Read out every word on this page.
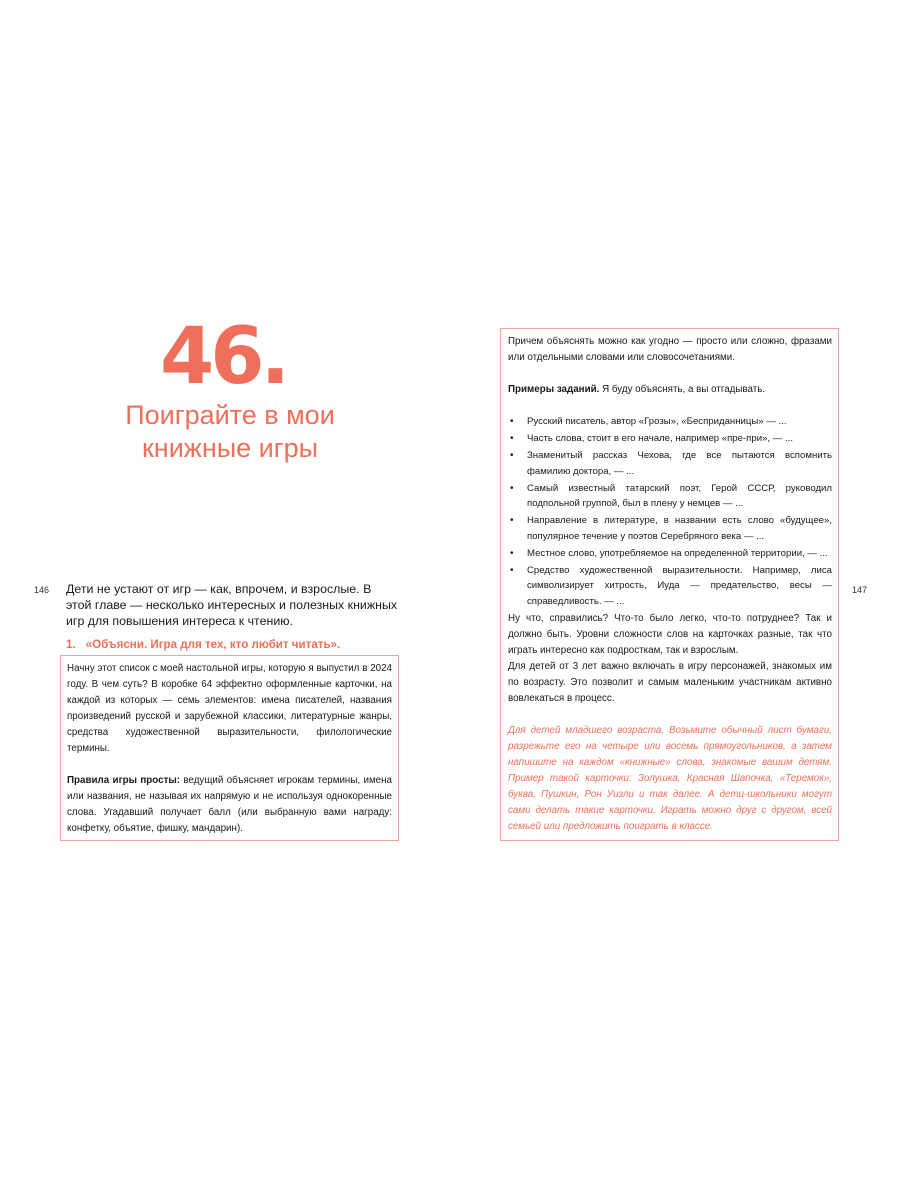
46.
Поиграйте в мои книжные игры
146	147
Дети не устают от игр — как, впрочем, и взрослые. В этой главе — несколько интересных и полезных книжных игр для повышения интереса к чтению.
1. «Объясни. Игра для тех, кто любит читать».

Начну этот список с моей настольной игры, которую я выпустил в 2024 году. В чем суть? В коробке 64 эффектно оформленные карточки, на каждой из которых — семь элементов: имена писателей, названия произведений русской и зарубежной классики, литературные жанры, средства художественной выразительности, филологические термины.

Правила игры просты: ведущий объясняет игрокам термины, имена или названия, не называя их напрямую и не используя однокоренные слова. Угадавший получает балл (или выбранную вами награду: конфетку, объятие, фишку, мандарин).

Причем объяснять можно как угодно — просто или сложно, фразами или отдельными словами или словосочетаниями.

Примеры заданий. Я буду объяснять, а вы отгадывать.

• Русский писатель, автор «Грозы», «Бесприданницы» — ...
• Часть слова, стоит в его начале, например «пре-при», — ...
• Знаменитый рассказ Чехова, где все пытаются вспомнить фамилию доктора, — ...
• Самый известный татарский поэт, Герой СССР, руководил подпольной группой, был в плену у немцев — ...
• Направление в литературе, в названии есть слово «будущее», популярное течение у поэтов Серебряного века — ...
• Местное слово, употребляемое на определенной территории, — ...
• Средство художественной выразительности. Например, лиса символизирует хитрость, Иуда — предательство, весы — справедливость. — ...

Ну что, справились? Что-то было легко, что-то потруднее? Так и должно быть. Уровни сложности слов на карточках разные, так что играть интересно как подросткам, так и взрослым.

Для детей от 3 лет важно включать в игру персонажей, знакомых им по возрасту. Это позволит и самым маленьким участникам активно вовлекаться в процесс.

Для детей младшего возраста. Возьмите обычный лист бумаги, разрежьте его на четыре или восемь прямоугольников, а затем напишите на каждом «книжные» слова, знакомые вашим детям. Пример такой карточки: Золушка, Красная Шапочка, «Теремок», буква, Пушкин, Рон Уизли и так далее. А дети-школьники могут сами делать такие карточки. Играть можно друг с другом, всей семьей или предложить поиграть в классе.
